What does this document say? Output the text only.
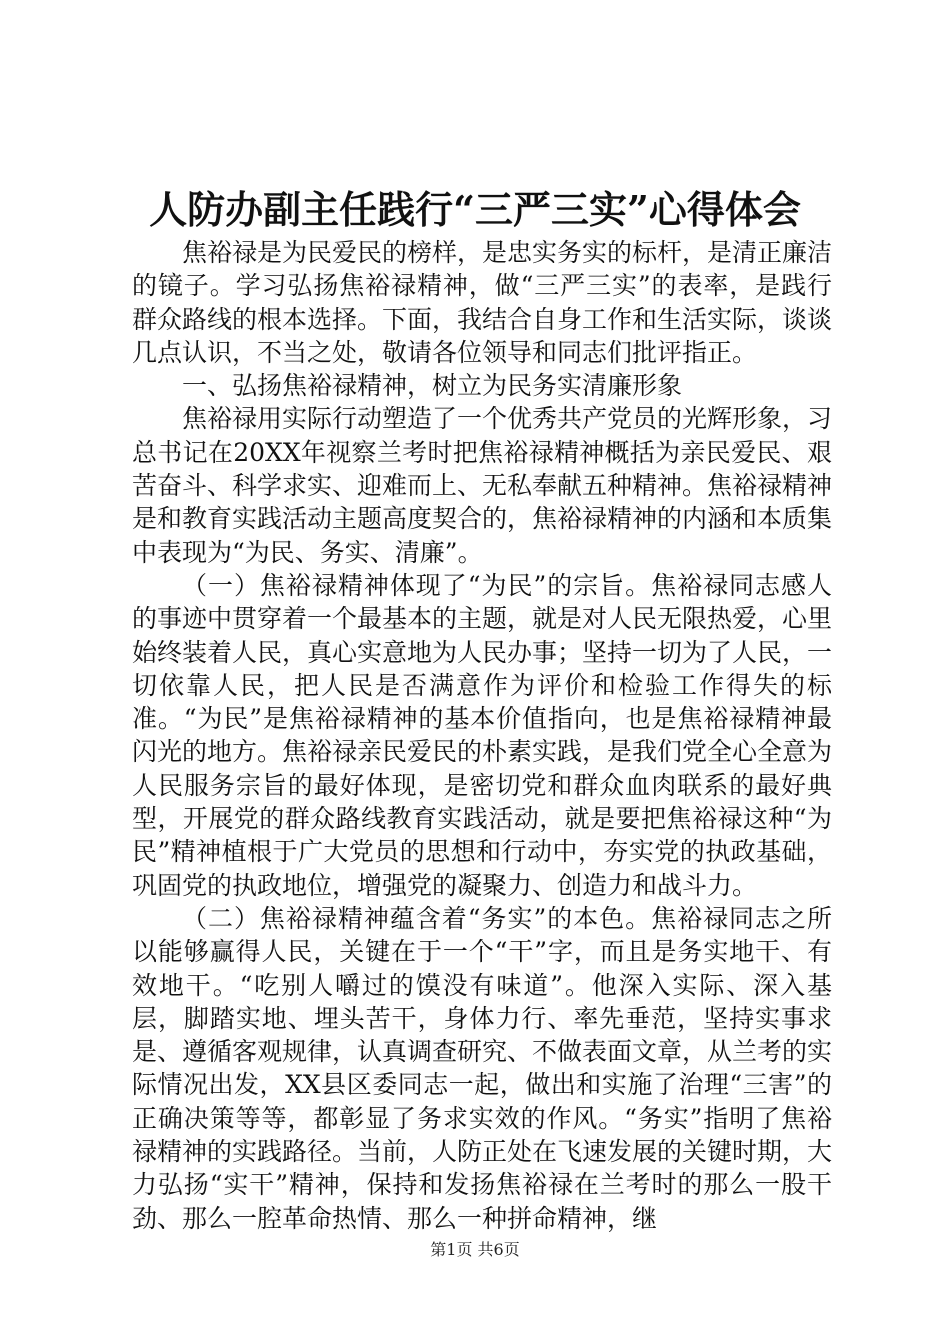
人防办副主任践行“三严三实”心得体会

焦裕禄是为民爱民的榜样，是忠实务实的标杆，是清正廉洁的镜子。学习弘扬焦裕禄精神，做“三严三实”的表率，是践行群众路线的根本选择。下面，我结合自身工作和生活实际，谈谈几点认识，不当之处，敬请各位领导和同志们批评指正。

一、弘扬焦裕禄精神，树立为民务实清廉形象

焦裕禄用实际行动塑造了一个优秀共产党员的光辉形象，习总书记在20XX年视察兰考时把焦裕禄精神概括为亲民爱民、艰苦奋斗、科学求实、迎难而上、无私奉献五种精神。焦裕禄精神是和教育实践活动主题高度契合的，焦裕禄精神的内涵和本质集中表现为“为民、务实、清廉”。

（一）焦裕禄精神体现了“为民”的宗旨。焦裕禄同志感人的事迹中贯穿着一个最基本的主题，就是对人民无限热爱，心里始终装着人民，真心实意地为人民办事；坚持一切为了人民，一切依靠人民，把人民是否满意作为评价和检验工作得失的标准。“为民”是焦裕禄精神的基本价值指向，也是焦裕禄精神最闪光的地方。焦裕禄亲民爱民的朴素实践，是我们党全心全意为人民服务宗旨的最好体现，是密切党和群众血肉联系的最好典型，开展党的群众路线教育实践活动，就是要把焦裕禄这种“为民”精神植根于广大党员的思想和行动中，夯实党的执政基础，巩固党的执政地位，增强党的凝聚力、创造力和战斗力。

（二）焦裕禄精神蕴含着“务实”的本色。焦裕禄同志之所以能够赢得人民，关键在于一个“干”字，而且是务实地干、有效地干。“吃别人嚼过的馍没有味道”。他深入实际、深入基层，脚踏实地、埋头苦干，身体力行、率先垂范，坚持实事求是、遵循客观规律，认真调查研究、不做表面文章，从兰考的实际情况出发，XX县区委同志一起，做出和实施了治理“三害”的正确决策等等，都彰显了务求实效的作风。“务实”指明了焦裕禄精神的实践路径。当前，人防正处在飞速发展的关键时期，大力弘扬“实干”精神，保持和发扬焦裕禄在兰考时的那么一股干劲、那么一腔革命热情、那么一种拼命精神，继

第1页 共6页
